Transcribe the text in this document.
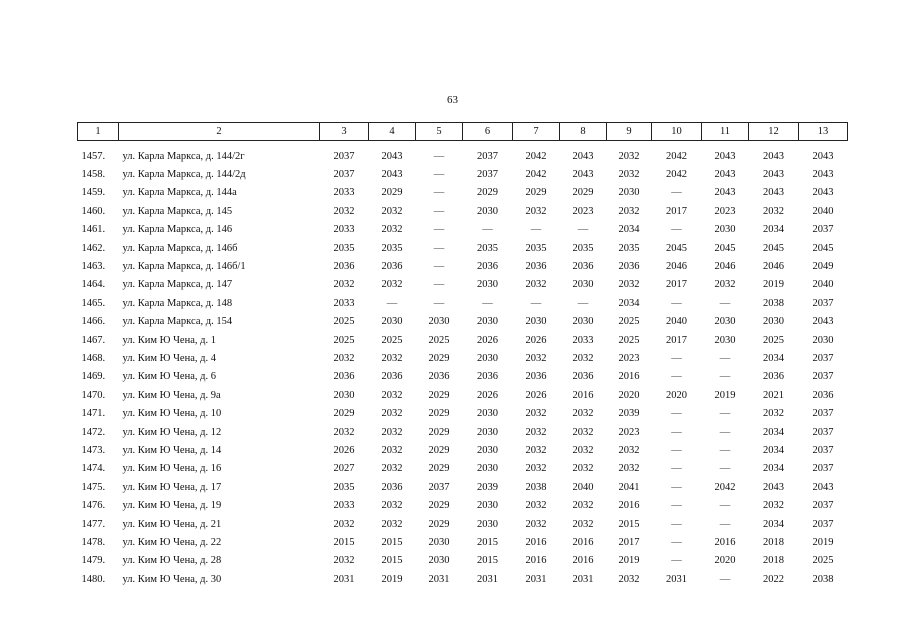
63
1	2	3	4	5	6	7	8	9	10	11	12	13
1457.	ул. Карла Маркса, д. 144/2г	2037	2043	—	2037	2042	2043	2032	2042	2043	2043	2043
1458.	ул. Карла Маркса, д. 144/2д	2037	2043	—	2037	2042	2043	2032	2042	2043	2043	2043
1459.	ул. Карла Маркса, д. 144а	2033	2029	—	2029	2029	2029	2030	—	2043	2043	2043
1460.	ул. Карла Маркса, д. 145	2032	2032	—	2030	2032	2023	2032	2017	2023	2032	2040
1461.	ул. Карла Маркса, д. 146	2033	2032	—	—	—	—	2034	—	2030	2034	2037
1462.	ул. Карла Маркса, д. 146б	2035	2035	—	2035	2035	2035	2035	2045	2045	2045	2045
1463.	ул. Карла Маркса, д. 146б/1	2036	2036	—	2036	2036	2036	2036	2046	2046	2046	2049
1464.	ул. Карла Маркса, д. 147	2032	2032	—	2030	2032	2030	2032	2017	2032	2019	2040
1465.	ул. Карла Маркса, д. 148	2033	—	—	—	—	—	2034	—	—	2038	2037
1466.	ул. Карла Маркса, д. 154	2025	2030	2030	2030	2030	2030	2025	2040	2030	2030	2043
1467.	ул. Ким Ю Чена, д. 1	2025	2025	2025	2026	2026	2033	2025	2017	2030	2025	2030
1468.	ул. Ким Ю Чена, д. 4	2032	2032	2029	2030	2032	2032	2023	—	—	2034	2037
1469.	ул. Ким Ю Чена, д. 6	2036	2036	2036	2036	2036	2036	2016	—	—	2036	2037
1470.	ул. Ким Ю Чена, д. 9а	2030	2032	2029	2026	2026	2016	2020	2020	2019	2021	2036
1471.	ул. Ким Ю Чена, д. 10	2029	2032	2029	2030	2032	2032	2039	—	—	2032	2037
1472.	ул. Ким Ю Чена, д. 12	2032	2032	2029	2030	2032	2032	2023	—	—	2034	2037
1473.	ул. Ким Ю Чена, д. 14	2026	2032	2029	2030	2032	2032	2032	—	—	2034	2037
1474.	ул. Ким Ю Чена, д. 16	2027	2032	2029	2030	2032	2032	2032	—	—	2034	2037
1475.	ул. Ким Ю Чена, д. 17	2035	2036	2037	2039	2038	2040	2041	—	2042	2043	2043
1476.	ул. Ким Ю Чена, д. 19	2033	2032	2029	2030	2032	2032	2016	—	—	2032	2037
1477.	ул. Ким Ю Чена, д. 21	2032	2032	2029	2030	2032	2032	2015	—	—	2034	2037
1478.	ул. Ким Ю Чена, д. 22	2015	2015	2030	2015	2016	2016	2017	—	2016	2018	2019
1479.	ул. Ким Ю Чена, д. 28	2032	2015	2030	2015	2016	2016	2019	—	2020	2018	2025
1480.	ул. Ким Ю Чена, д. 30	2031	2019	2031	2031	2031	2031	2032	2031	—	2022	2038
